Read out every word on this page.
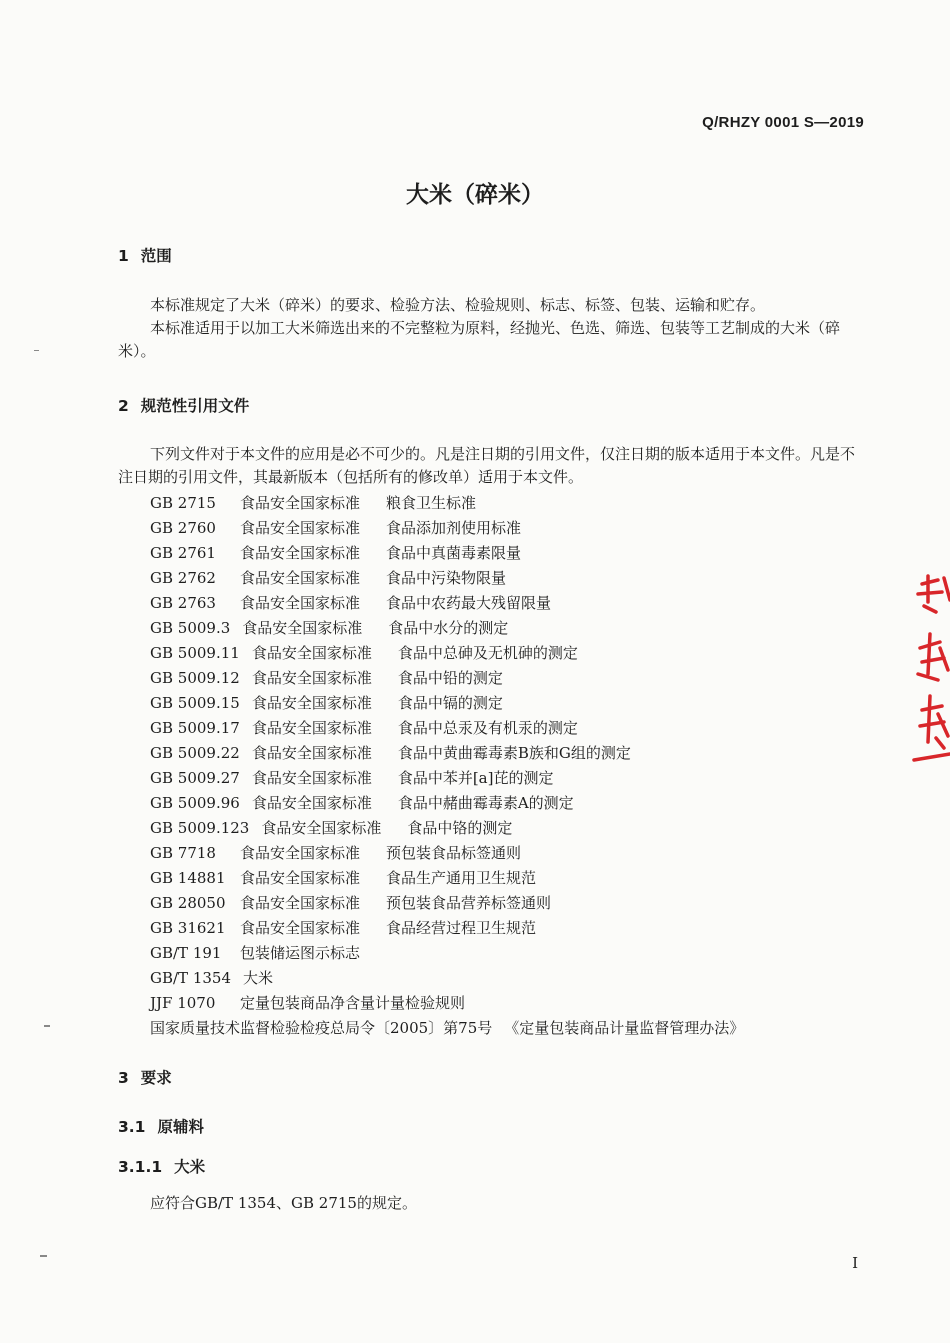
Q/RHZY 0001 S—2019
大米（碎米）
1 范围

本标准规定了大米（碎米）的要求、检验方法、检验规则、标志、标签、包装、运输和贮存。

本标准适用于以加工大米筛选出来的不完整粒为原料，经抛光、色选、筛选、包装等工艺制成的大米（碎米）。

2 规范性引用文件

下列文件对于本文件的应用是必不可少的。凡是注日期的引用文件，仅注日期的版本适用于本文件。凡是不注日期的引用文件，其最新版本（包括所有的修改单）适用于本文件。

GB 2715 食品安全国家标准 粮食卫生标准
GB 2760 食品安全国家标准 食品添加剂使用标准
GB 2761 食品安全国家标准 食品中真菌毒素限量
GB 2762 食品安全国家标准 食品中污染物限量
GB 2763 食品安全国家标准 食品中农药最大残留限量
GB 5009.3 食品安全国家标准 食品中水分的测定
GB 5009.11 食品安全国家标准 食品中总砷及无机砷的测定
GB 5009.12 食品安全国家标准 食品中铅的测定
GB 5009.15 食品安全国家标准 食品中镉的测定
GB 5009.17 食品安全国家标准 食品中总汞及有机汞的测定
GB 5009.22 食品安全国家标准 食品中黄曲霉毒素B族和G组的测定
GB 5009.27 食品安全国家标准 食品中苯并[a]芘的测定
GB 5009.96 食品安全国家标准 食品中赭曲霉毒素A的测定
GB 5009.123 食品安全国家标准 食品中铬的测定
GB 7718 食品安全国家标准 预包装食品标签通则
GB 14881 食品安全国家标准 食品生产通用卫生规范
GB 28050 食品安全国家标准 预包装食品营养标签通则
GB 31621 食品安全国家标准 食品经营过程卫生规范
GB/T 191 包装储运图示标志
GB/T 1354 大米
JJF 1070 定量包装商品净含量计量检验规则
国家质量技术监督检验检疫总局令〔2005〕第75号 《定量包装商品计量监督管理办法》
3 要求
3.1 原辅料
3.1.1 大米
应符合GB/T 1354、GB 2715的规定。
I
